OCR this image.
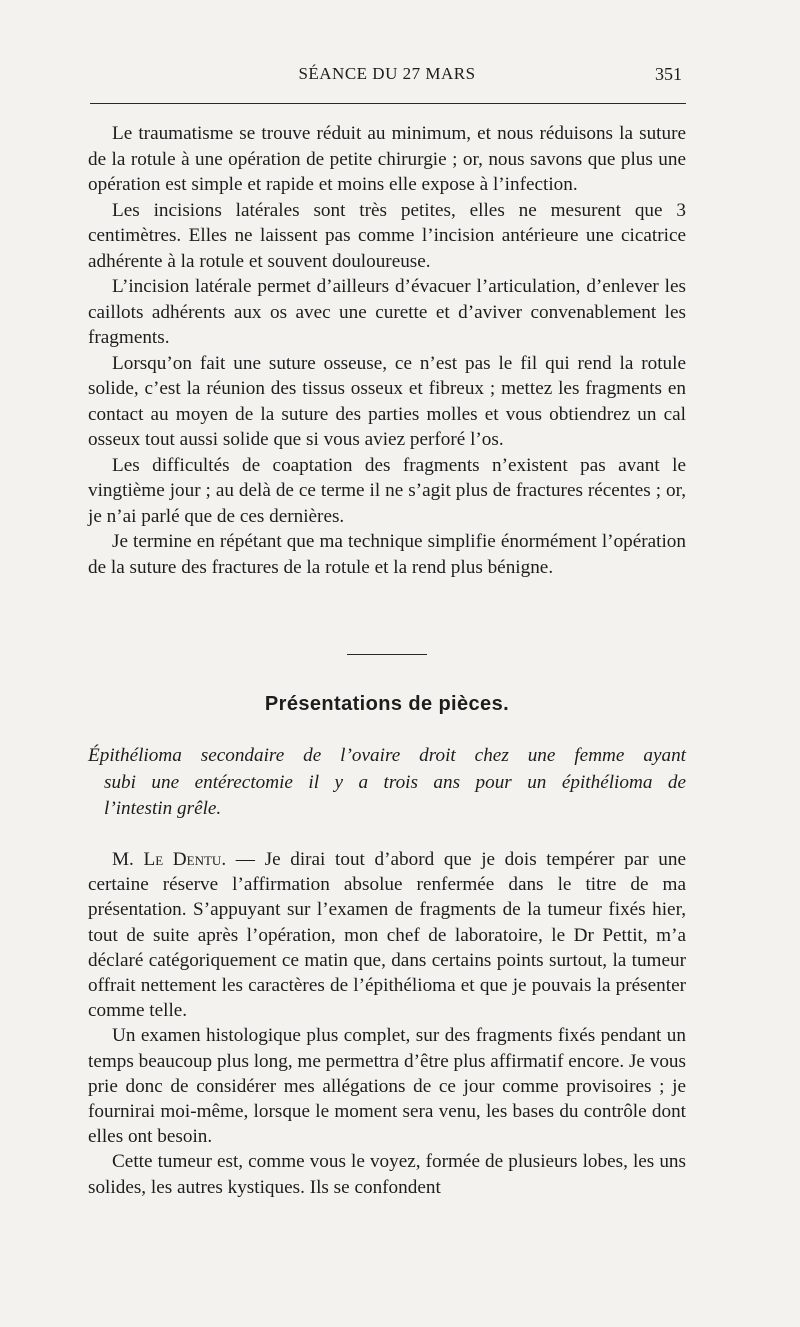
SÉANCE DU 27 MARS	351

Le traumatisme se trouve réduit au minimum, et nous réduisons la suture de la rotule à une opération de petite chirurgie ; or, nous savons que plus une opération est simple et rapide et moins elle expose à l’infection.

Les incisions latérales sont très petites, elles ne mesurent que 3 centimètres. Elles ne laissent pas comme l’incision antérieure une cicatrice adhérente à la rotule et souvent douloureuse.

L’incision latérale permet d’ailleurs d’évacuer l’articulation, d’enlever les caillots adhérents aux os avec une curette et d’aviver convenablement les fragments.

Lorsqu’on fait une suture osseuse, ce n’est pas le fil qui rend la rotule solide, c’est la réunion des tissus osseux et fibreux ; mettez les fragments en contact au moyen de la suture des parties molles et vous obtiendrez un cal osseux tout aussi solide que si vous aviez perforé l’os.

Les difficultés de coaptation des fragments n’existent pas avant le vingtième jour ; au delà de ce terme il ne s’agit plus de fractures récentes ; or, je n’ai parlé que de ces dernières.

Je termine en répétant que ma technique simplifie énormément l’opération de la suture des fractures de la rotule et la rend plus bénigne.

Présentations de pièces.
Épithélioma secondaire de l’ovaire droit chez une femme ayant
subi une entérectomie il y a trois ans pour un épithélioma de
l’intestin grêle.

M. Le Dentu. — Je dirai tout d’abord que je dois tempérer par une certaine réserve l’affirmation absolue renfermée dans le titre de ma présentation. S’appuyant sur l’examen de fragments de la tumeur fixés hier, tout de suite après l’opération, mon chef de laboratoire, le Dr Pettit, m’a déclaré catégoriquement ce matin que, dans certains points surtout, la tumeur offrait nettement les caractères de l’épithélioma et que je pouvais la présenter comme telle.

Un examen histologique plus complet, sur des fragments fixés pendant un temps beaucoup plus long, me permettra d’être plus affirmatif encore. Je vous prie donc de considérer mes allégations de ce jour comme provisoires ; je fournirai moi-même, lorsque le moment sera venu, les bases du contrôle dont elles ont besoin.

Cette tumeur est, comme vous le voyez, formée de plusieurs lobes, les uns solides, les autres kystiques. Ils se confondent
